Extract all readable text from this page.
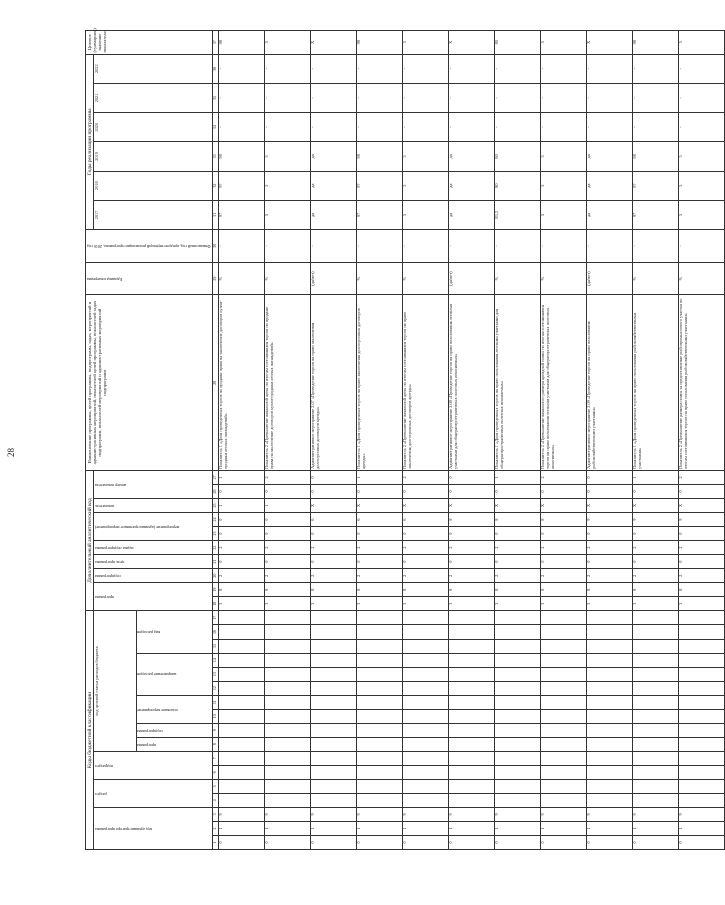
28
Коды бюджетной классификации																	Дополнительный аналитический код										Наименование программы, целей программы, подпрограмм, задач, мероприятий и административных мероприятий, показателей целей программы, показателей задач подпрограмм, показателей мероприятий и административных мероприятий подпрограмм	Единица измерения	Финансовый год, предшествующий реализации программы, 2016 год	Годы реализации программы						Целевое (суммарное) значение показателя
код администратора программы			раздел		подраздел		код целевой статьи расходов бюджета										программа		подпрограмма	цель программы	задача подпрограммы	мероприятие (административное мероприятие)		показатель	номер показателя					2017	2018	2019	2020	2021	2022	
							программа	подпрограмма	основное мероприятие		направление расходов			вид расходов																						
1	2	3	4	5	6	7	8	9	10	11	12	13	14	15	16	17	18	19	20	21	22	23	24	25	26	27	28	29	30	31	32	33	34	35	36	37
0	1	9															3	8	2	0	2	0	0	1	0	1	Показатель 1 «Доля проведенных торгов по продаже права на заключение договоров купли-продажи лесных насаждений»	%	-	97	97	98	-	-	-	98
0	1	9															3	8	2	0	2	0	0	1	0	2	Показатель 2 «Превышение начальной цены по итогам состоявшихся торгов по продаже права на заключение договоров купли-продажи лесных насаждений»	%	-	5	5	5	-	-	-	5
0	1	9															3	8	2	0	2	0	6	X	0	0	Административное мероприятие 2.07 «Проведение торгов на право заключения долгосрочных договоров аренды»	(да/нет)	-	да	да	да	-	-	-	X
0	1	9															3	8	2	0	2	0	6	X	0	1	Показатель 1 «Доля проведенных торгов на право заключения долгосрочных договоров аренды»	%	-	97	97	98	-	-	-	98
0	1	9															3	8	2	0	2	0	6	X	0	2	Показатель 2 «Превышение начальной цены по итогам состоявшихся торгов на право заключения долгосрочных договоров аренды»	%	-	5	5	5	-	-	-	5
0	1	9															3	8	2	0	2	0	8	X	0	0	Административное мероприятие 2.08 «Проведение торгов на право пользования лесными участками для общераспространенных полезных ископаемых»	(да/нет)	-	да	да	да	-	-	-	X
0	1	9															3	8	2	0	2	0	8	X	0	1	Показатель 1 «Доля проведенных торгов на право пользования лесными участками для общераспространенных полезных ископаемых»	%	-	83,3	80	80	-	-	-	80
0	1	9															3	8	2	0	2	0	8	X	0	2	Показатель 2 «Превышение начального размера арендной платы по итогам состоявшихся торгов на право пользования лесными участками для общераспространенных полезных ископаемых»	%	-	5	5	5	-	-	-	5
0	1	9															3	8	2	0	2	0	9	X	0	0	Административное мероприятие 2.09 «Проведение торгов на право пользования рыбохозяйственными участками»	(да/нет)	-	да	да	да	-	-	-	X
0	1	9															3	8	2	0	2	0	9	X	0	1	Показатель 1 «Доля проведенных торгов на право пользования рыбохозяйственными участками»	%	-	97	97	98	-	-	-	98
0	1	9															3	8	2	0	2	0	9	X	0	2	Показатель 2 «Превышение размера платы за предоставление рыбопромыслового участка по итогам состоявшихся торгов на право пользования рыбохозяйственными участками»	%	-	5	5	5	-	-	-	5
